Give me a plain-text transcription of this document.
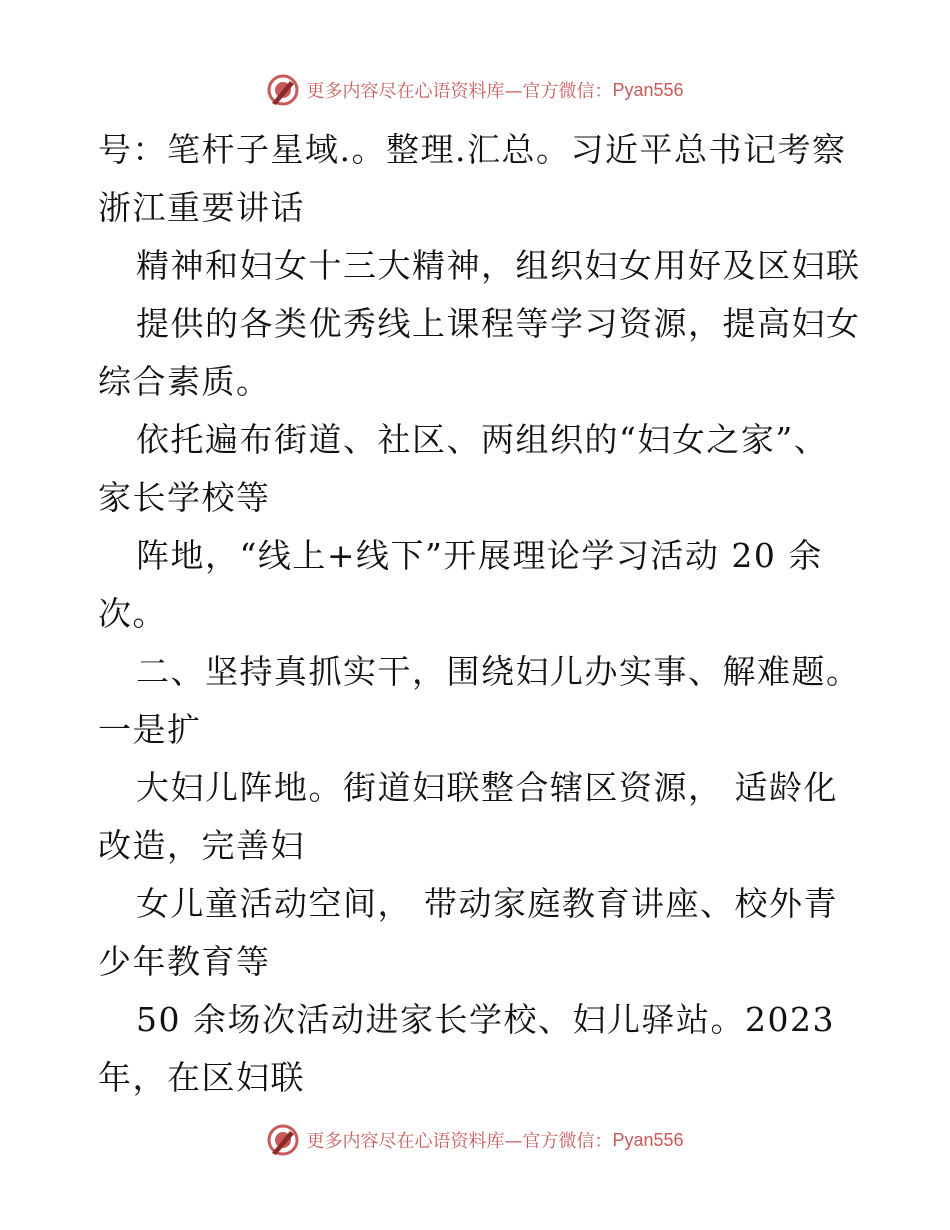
更多内容尽在心语资料库—官方微信： Pyan556
号：笔杆子星域.。整理.汇总。习近平总书记考察
浙江重要讲话
精神和妇女十三大精神，组织妇女用好及区妇联
提供的各类优秀线上课程等学习资源，提高妇女
综合素质。
依托遍布街道、社区、两组织的“妇女之家”、
家长学校等
阵地，“线上+线下”开展理论学习活动 20 余
次。
二、坚持真抓实干，围绕妇儿办实事、解难题。
一是扩
大妇儿阵地。街道妇联整合辖区资源， 适龄化
改造，完善妇
女儿童活动空间， 带动家庭教育讲座、校外青
少年教育等
50 余场次活动进家长学校、妇儿驿站。2023
年，在区妇联
更多内容尽在心语资料库—官方微信： Pyan556
